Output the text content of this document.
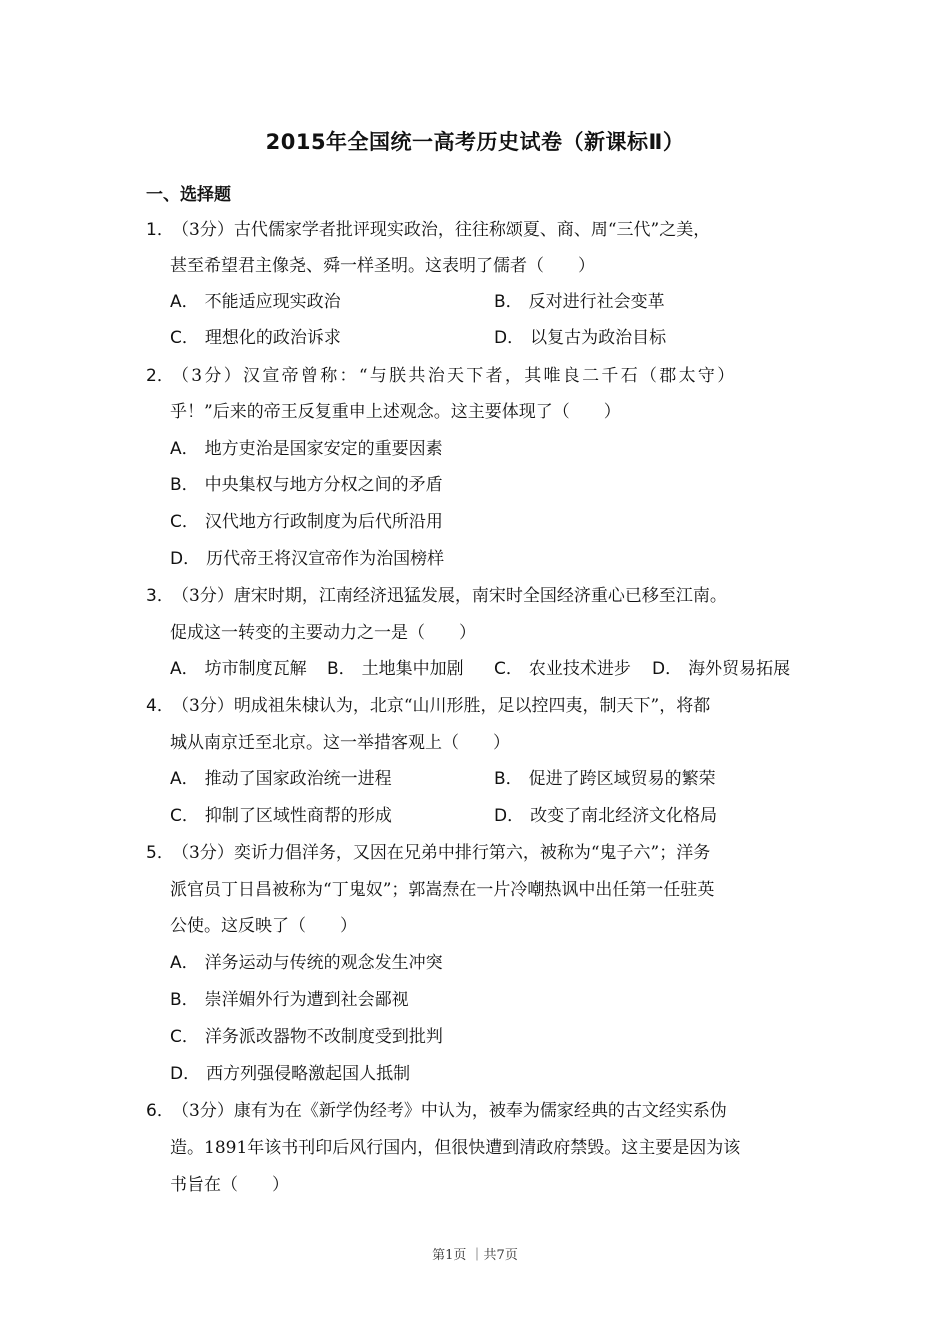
2015年全国统一高考历史试卷（新课标Ⅱ）
一、选择题
1．
（3分）古代儒家学者批评现实政治，往往称颂夏、商、周“三代”之美，
甚至希望君主像尧、舜一样圣明。这表明了儒者（　　）
A． 不能适应现实政治	B． 反对进行社会变革
C． 理想化的政治诉求	D． 以复古为政治目标
2．
（3分）汉宣帝曾称：“与朕共治天下者，其唯良二千石（郡太守）
乎！”后来的帝王反复重申上述观念。这主要体现了（　　）
A． 地方吏治是国家安定的重要因素
B． 中央集权与地方分权之间的矛盾
C． 汉代地方行政制度为后代所沿用
D． 历代帝王将汉宣帝作为治国榜样
3．
（3分）唐宋时期，江南经济迅猛发展，南宋时全国经济重心已移至江南。
促成这一转变的主要动力之一是（　　）
A． 坊市制度瓦解 B． 土地集中加剧 C． 农业技术进步 D． 海外贸易拓展
4．
（3分）明成祖朱棣认为，北京“山川形胜，足以控四夷，制天下”，将都
城从南京迁至北京。这一举措客观上（　　）
A． 推动了国家政治统一进程	B． 促进了跨区域贸易的繁荣
C． 抑制了区域性商帮的形成	D． 改变了南北经济文化格局
5．
（3分）奕䜣力倡洋务，又因在兄弟中排行第六，被称为“鬼子六”；洋务
派官员丁日昌被称为“丁鬼奴”；郭嵩焘在一片冷嘲热讽中出任第一任驻英
公使。这反映了（　　）
A． 洋务运动与传统的观念发生冲突
B． 崇洋媚外行为遭到社会鄙视
C． 洋务派改器物不改制度受到批判
D． 西方列强侵略激起国人抵制
6．
（3分）康有为在《新学伪经考》中认为，被奉为儒家经典的古文经实系伪
造。1891年该书刊印后风行国内，但很快遭到清政府禁毁。这主要是因为该
书旨在（　　）
第1页 ｜共7页
